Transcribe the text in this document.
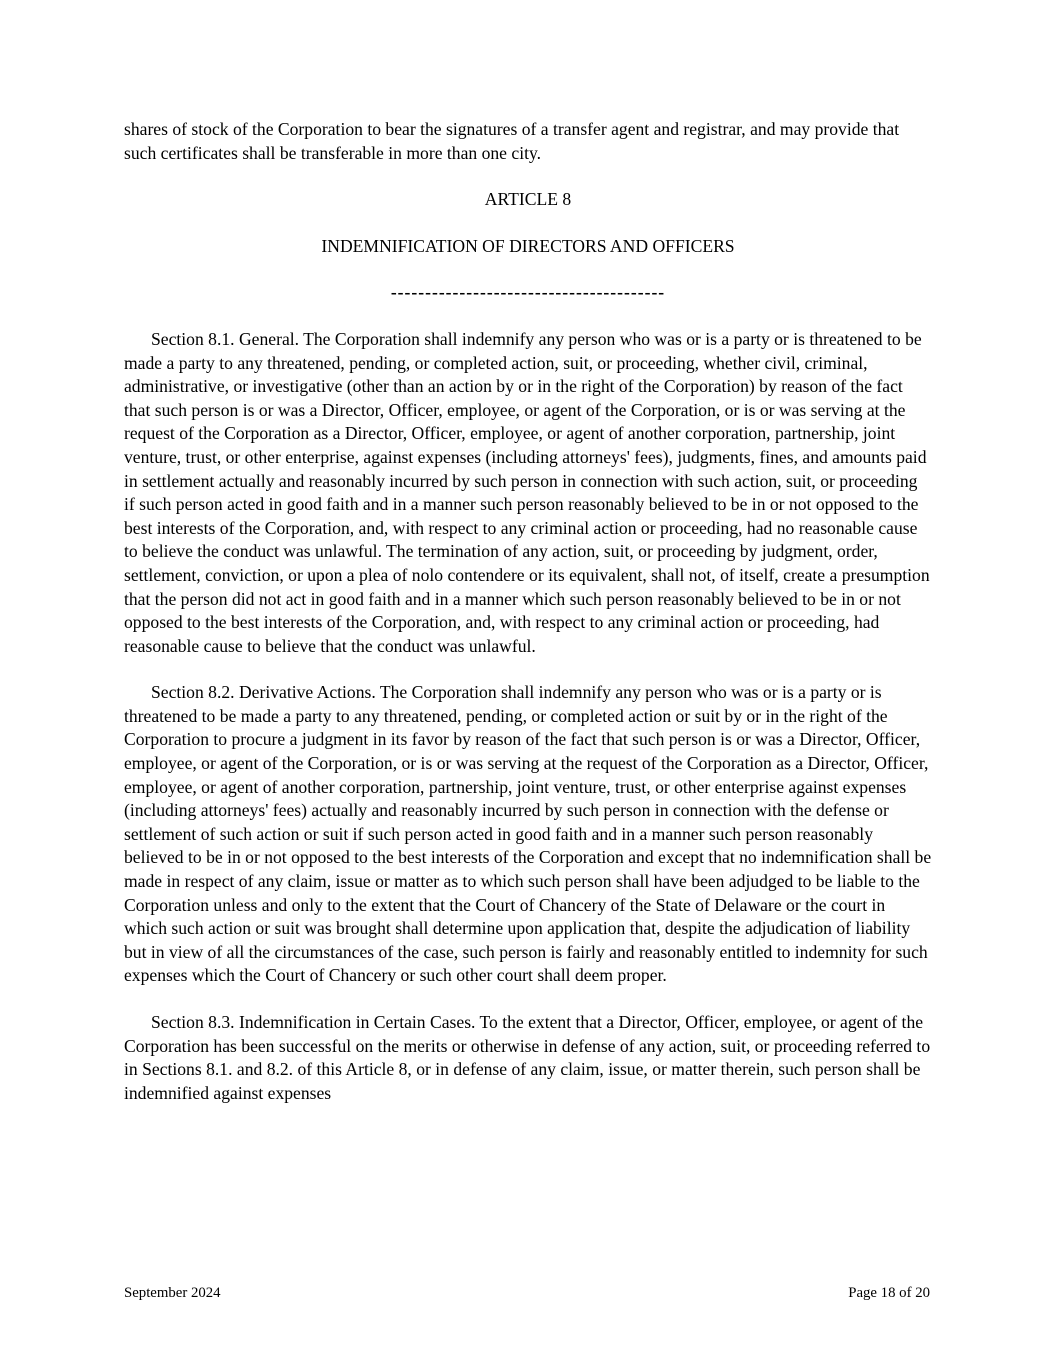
shares of stock of the Corporation to bear the signatures of a transfer agent and registrar, and may provide that such certificates shall be transferable in more than one city.

ARTICLE 8

INDEMNIFICATION OF DIRECTORS AND OFFICERS

----------------------------------------

Section 8.1. General. The Corporation shall indemnify any person who was or is a party or is threatened to be made a party to any threatened, pending, or completed action, suit, or proceeding, whether civil, criminal, administrative, or investigative (other than an action by or in the right of the Corporation) by reason of the fact that such person is or was a Director, Officer, employee, or agent of the Corporation, or is or was serving at the request of the Corporation as a Director, Officer, employee, or agent of another corporation, partnership, joint venture, trust, or other enterprise, against expenses (including attorneys' fees), judgments, fines, and amounts paid in settlement actually and reasonably incurred by such person in connection with such action, suit, or proceeding if such person acted in good faith and in a manner such person reasonably believed to be in or not opposed to the best interests of the Corporation, and, with respect to any criminal action or proceeding, had no reasonable cause to believe the conduct was unlawful. The termination of any action, suit, or proceeding by judgment, order, settlement, conviction, or upon a plea of nolo contendere or its equivalent, shall not, of itself, create a presumption that the person did not act in good faith and in a manner which such person reasonably believed to be in or not opposed to the best interests of the Corporation, and, with respect to any criminal action or proceeding, had reasonable cause to believe that the conduct was unlawful.

Section 8.2. Derivative Actions. The Corporation shall indemnify any person who was or is a party or is threatened to be made a party to any threatened, pending, or completed action or suit by or in the right of the Corporation to procure a judgment in its favor by reason of the fact that such person is or was a Director, Officer, employee, or agent of the Corporation, or is or was serving at the request of the Corporation as a Director, Officer, employee, or agent of another corporation, partnership, joint venture, trust, or other enterprise against expenses (including attorneys' fees) actually and reasonably incurred by such person in connection with the defense or settlement of such action or suit if such person acted in good faith and in a manner such person reasonably believed to be in or not opposed to the best interests of the Corporation and except that no indemnification shall be made in respect of any claim, issue or matter as to which such person shall have been adjudged to be liable to the Corporation unless and only to the extent that the Court of Chancery of the State of Delaware or the court in which such action or suit was brought shall determine upon application that, despite the adjudication of liability but in view of all the circumstances of the case, such person is fairly and reasonably entitled to indemnity for such expenses which the Court of Chancery or such other court shall deem proper.

Section 8.3. Indemnification in Certain Cases. To the extent that a Director, Officer, employee, or agent of the Corporation has been successful on the merits or otherwise in defense of any action, suit, or proceeding referred to in Sections 8.1. and 8.2. of this Article 8, or in defense of any claim, issue, or matter therein, such person shall be indemnified against expenses

September 2024	Page 18 of 20
